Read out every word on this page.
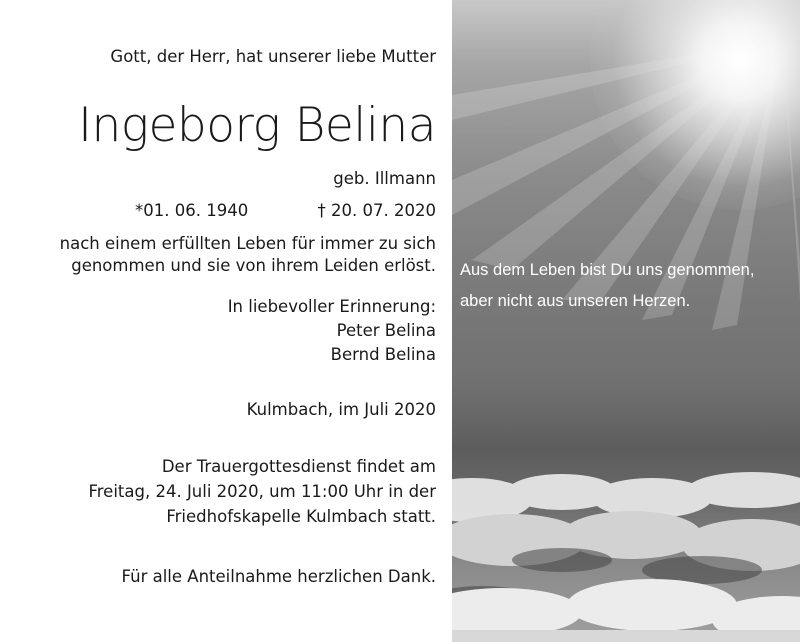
Gott, der Herr, hat unserer liebe Mutter
Ingeborg Belina
geb. Illmann
*01. 06. 1940	† 20. 07. 2020
nach einem erfüllten Leben für immer zu sich
genommen und sie von ihrem Leiden erlöst.
In liebevoller Erinnerung:
Peter Belina
Bernd Belina
Kulmbach, im Juli 2020
Der Trauergottesdienst findet am
Freitag, 24. Juli 2020, um 11:00 Uhr in der
Friedhofskapelle Kulmbach statt.
Für alle Anteilnahme herzlichen Dank.
Aus dem Leben bist Du uns genommen,
aber nicht aus unseren Herzen.
